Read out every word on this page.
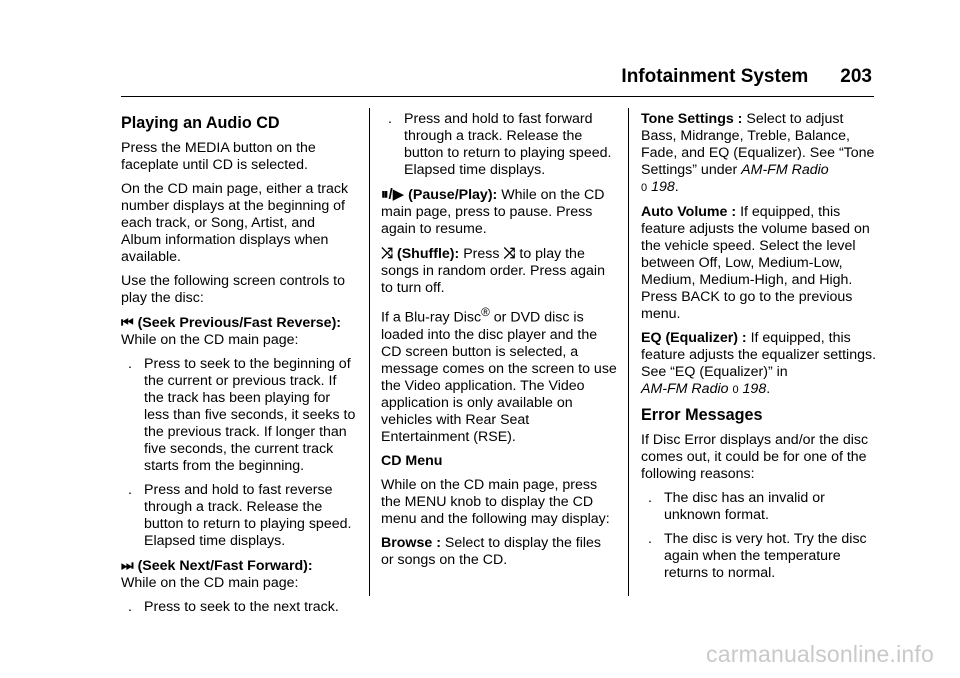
Infotainment System 203
Playing an Audio CD

Press the MEDIA button on the faceplate until CD is selected.

On the CD main page, either a track number displays at the beginning of each track, or Song, Artist, and Album information displays when available.

Use the following screen controls to play the disc:

⏮ (Seek Previous/Fast Reverse):
While on the CD main page:

. Press to seek to the beginning of the current or previous track. If the track has been playing for less than five seconds, it seeks to the previous track. If longer than five seconds, the current track starts from the beginning.
. Press and hold to fast reverse through a track. Release the button to return to playing speed. Elapsed time displays.

⏭ (Seek Next/Fast Forward):
While on the CD main page:

. Press to seek to the next track.
. Press and hold to fast forward through a track. Release the button to return to playing speed. Elapsed time displays.

⏸/▶ (Pause/Play): While on the CD main page, press to pause. Press again to resume.

⤨ (Shuffle): Press ⤨ to play the songs in random order. Press again to turn off.

If a Blu-ray Disc® or DVD disc is loaded into the disc player and the CD screen button is selected, a message comes on the screen to use the Video application. The Video application is only available on vehicles with Rear Seat Entertainment (RSE).

CD Menu

While on the CD main page, press the MENU knob to display the CD menu and the following may display:

Browse : Select to display the files or songs on the CD.

Tone Settings : Select to adjust Bass, Midrange, Treble, Balance, Fade, and EQ (Equalizer). See “Tone Settings” under AM-FM Radio
0 198.

Auto Volume : If equipped, this feature adjusts the volume based on the vehicle speed. Select the level between Off, Low, Medium-Low, Medium, Medium-High, and High. Press BACK to go to the previous menu.

EQ (Equalizer) : If equipped, this feature adjusts the equalizer settings. See “EQ (Equalizer)” in
AM-FM Radio 0 198.

Error Messages

If Disc Error displays and/or the disc comes out, it could be for one of the following reasons:

. The disc has an invalid or unknown format.
. The disc is very hot. Try the disc again when the temperature returns to normal.
carmanualsonline.info
